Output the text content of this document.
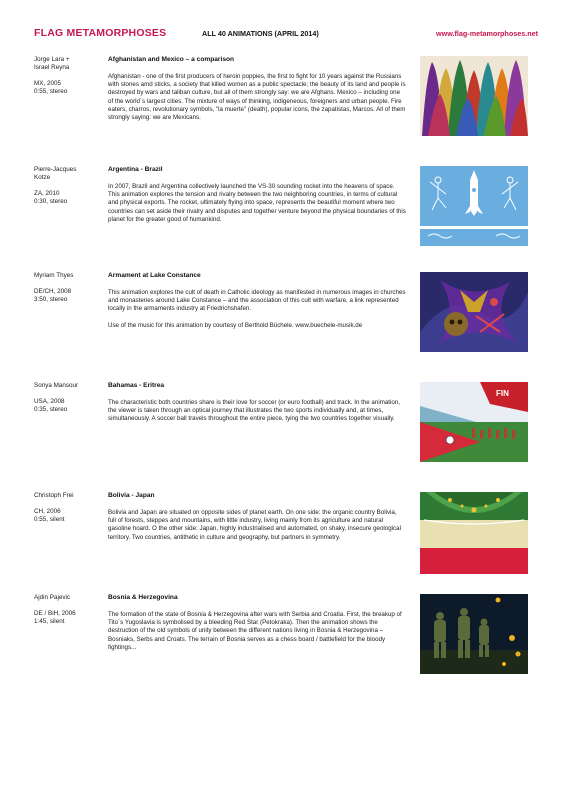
FLAG METAMORPHOSES	ALL 40 ANIMATIONS (APRIL 2014)	www.flag-metamorphoses.net
Jorge Lara +
Israel Reyna
MX, 2005
0:55, stereo
Afghanistan and Mexico – a comparison

Afghanistan - one of the first producers of heroin poppies, the first to fight for 10 years against the Russians with stones amd sticks, a society that killed women as a public spectacle; the beauty of its land and people is destroyed by wars and taliban culture, but all of them strongly say: we are Afghans. Mexico – including one of the world´s largest cities. The mixture of ways of thinking, indigeneous, foreigners and urban people. Fire eaters, charros, revolutionary symbols, "la muerte" (death), popular icons, the zapatistas, Marcos. All of them strongly saying: we are Mexicans.

Pierre-Jacques
Kotze
ZA, 2010
0:30, stereo
Argentina - Brazil

In 2007, Brazil and Argentina collectively launched the VS-30 sounding rocket into the heavens of space. This animation explores the tension and rivalry between the two neighboring countries, in terms of cultural and physical exports. The rocket, ultimately flying into space, represents the beautiful moment where two countries can set aside their rivalry and disputes and together venture beyond the physical boundaries of this planet for the greater good of humankind.

Myriam Thyes
DE/CH, 2008
3:50, stereo
Armament at Lake Constance

This animation explores the cult of death in Catholic ideology as manifested in numerous images in churches and monasteries around Lake Constance – and the association of this cult with warfare, a link represented locally in the armaments industry at Friedrichshafen.

Use of the music for this animation by courtesy of Berthold Büchele. www.buechele-musik.de

Sonya Mansour
USA, 2008
0:35, stereo
Bahamas - Eritrea

The characteristic both countries share is their love for soccer (or euro football) and track. In the animation, the viewer is taken through an optical journey that illustrates the two sports individually and, at times, simultaneously. A soccer ball travels throughout the entire piece, tying the two countries together visually.

FIN
Christoph Frei
CH, 2006
0:55, silent
Bolivia - Japan

Bolivia and Japan are situated on opposite sides of planet earth. On one side: the organic country Bolivia, full of forests, steppes and mountains, with little industry, living mainly from its agriculture and natural gasoline hoard. O the other side: Japan, highly industrialised and automated, on shaky, insecure geological territory. Two countries, antithetic in culture and geography, but partners in symmetry.

Ajdin Pajevic
DE / BiH, 2006
1:45, silent
Bosnia & Herzegovina

The formation of the state of Bosnia & Herzegovina after wars with Serbia and Croatia. First, the breakup of Tito´s Yugoslavia is symbolised by a bleeding Red Star (Petokraka). Then the animation shows the destruction of the old symbols of unity between the different nations living in Bosnia & Herzegovina – Bosniaks, Serbs and Croats. The terrain of Bosnia serves as a chess board / battlefield for the bloody fightings...
